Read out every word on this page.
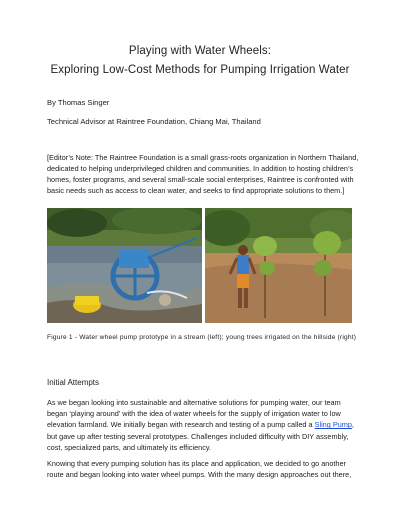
Playing with Water Wheels:
Exploring Low-Cost Methods for Pumping Irrigation Water
By Thomas Singer
Technical Advisor at Raintree Foundation, Chiang Mai, Thailand
[Editor’s Note: The Raintree Foundation is a small grass-roots organization in Northern Thailand, dedicated to helping underprivileged children and communities. In addition to hosting children’s homes, foster programs, and several small-scale social enterprises, Raintree is confronted with basic needs such as access to clean water, and seeks to find appropriate solutions to them.]
Figure 1 - Water wheel pump prototype in a stream (left); young trees irrigated on the hillside (right)
Initial Attempts
As we began looking into sustainable and alternative solutions for pumping water, our team began ‘playing around’ with the idea of water wheels for the supply of irrigation water to low elevation farmland. We initially began with research and testing of a pump called a Sling Pump, but gave up after testing several prototypes. Challenges included difficulty with DIY assembly, cost, specialized parts, and ultimately its efficiency.
Knowing that every pumping solution has its place and application, we decided to go another route and began looking into water wheel pumps. With the many design approaches out there,
